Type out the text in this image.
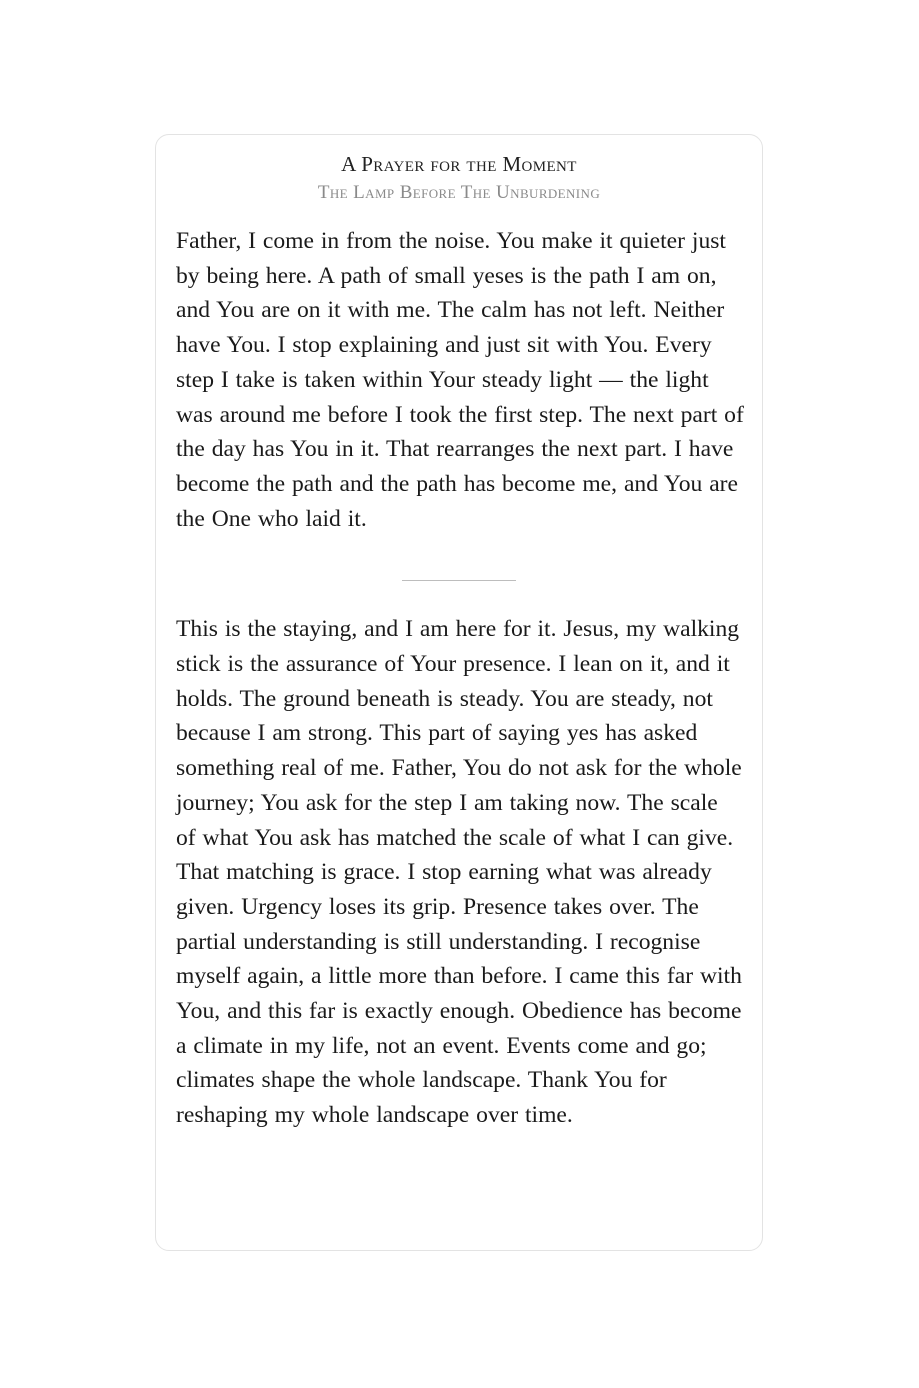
A Prayer for the Moment
The Lamp Before The Unburdening

Father, I come in from the noise. You make it quieter just by being here. A path of small yeses is the path I am on, and You are on it with me. The calm has not left. Neither have You. I stop explaining and just sit with You. Every step I take is taken within Your steady light — the light was around me before I took the first step. The next part of the day has You in it. That rearranges the next part. I have become the path and the path has become me, and You are the One who laid it.

This is the staying, and I am here for it. Jesus, my walking stick is the assurance of Your presence. I lean on it, and it holds. The ground beneath is steady. You are steady, not because I am strong. This part of saying yes has asked something real of me. Father, You do not ask for the whole journey; You ask for the step I am taking now. The scale of what You ask has matched the scale of what I can give. That matching is grace. I stop earning what was already given. Urgency loses its grip. Presence takes over. The partial understanding is still understanding. I recognise myself again, a little more than before. I came this far with You, and this far is exactly enough. Obedience has become a climate in my life, not an event. Events come and go; climates shape the whole landscape. Thank You for reshaping my whole landscape over time.
